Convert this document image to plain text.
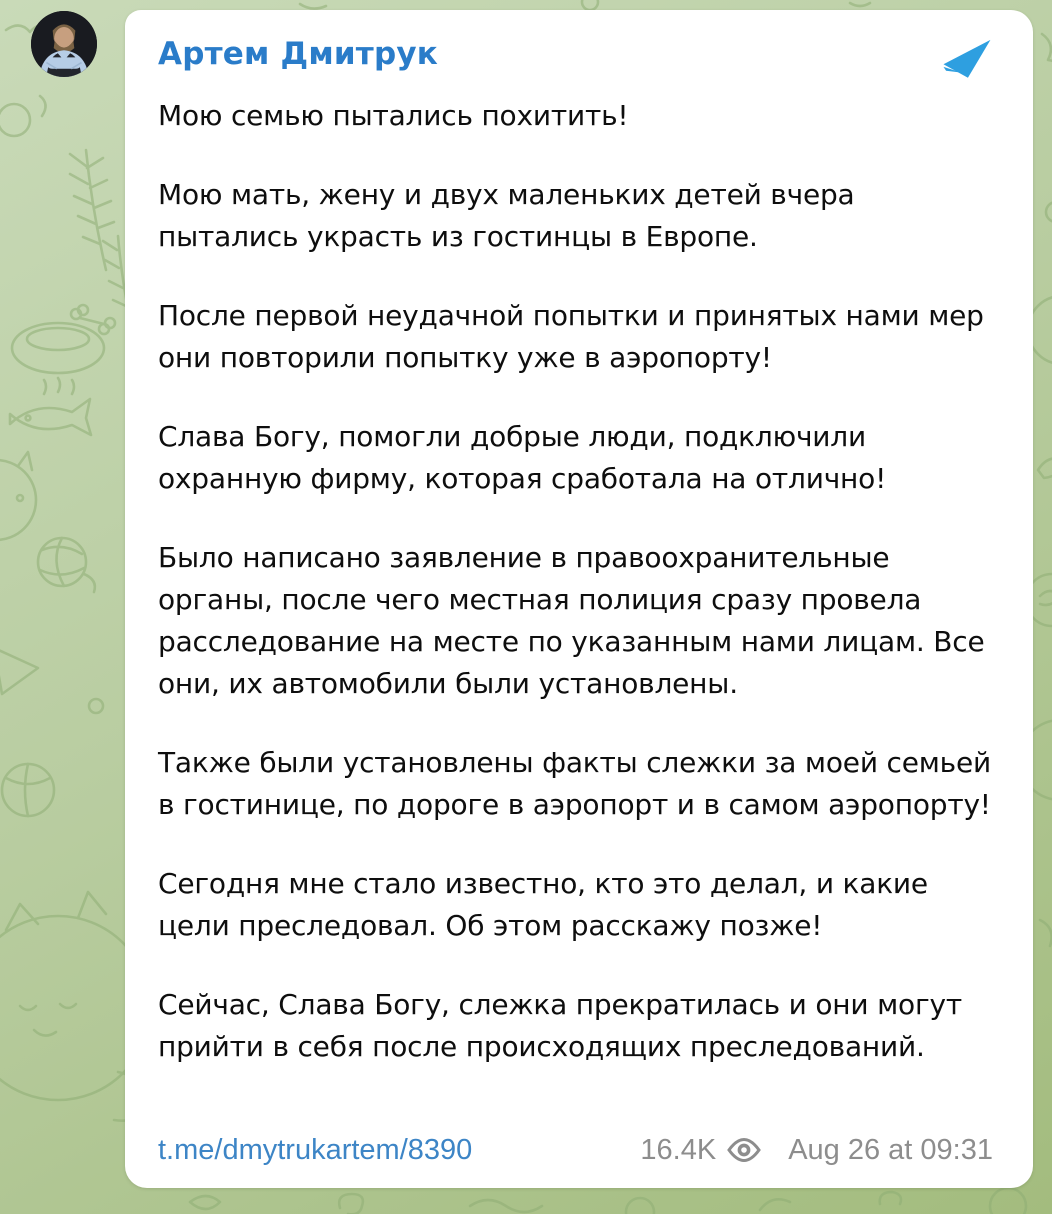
Артем Дмитрук

Мою семью пытались похитить!

Мою мать, жену и двух маленьких детей вчера пытались украсть из гостинцы в Европе.

После первой неудачной попытки и принятых нами мер они повторили попытку уже в аэропорту!

Слава Богу, помогли добрые люди, подключили охранную фирму, которая сработала на отлично!

Было написано заявление в правоохранительные органы, после чего местная полиция сразу провела расследование на месте по указанным нами лицам. Все они, их автомобили были установлены.

Также были установлены факты слежки за моей семьей в гостинице, по дороге в аэропорт и в самом аэропорту!

Сегодня мне стало известно, кто это делал, и какие цели преследовал. Об этом расскажу позже!

Сейчас, Слава Богу, слежка прекратилась и они могут прийти в себя после происходящих преследований.

t.me/dmytrukartem/8390	16.4K Aug 26 at 09:31
